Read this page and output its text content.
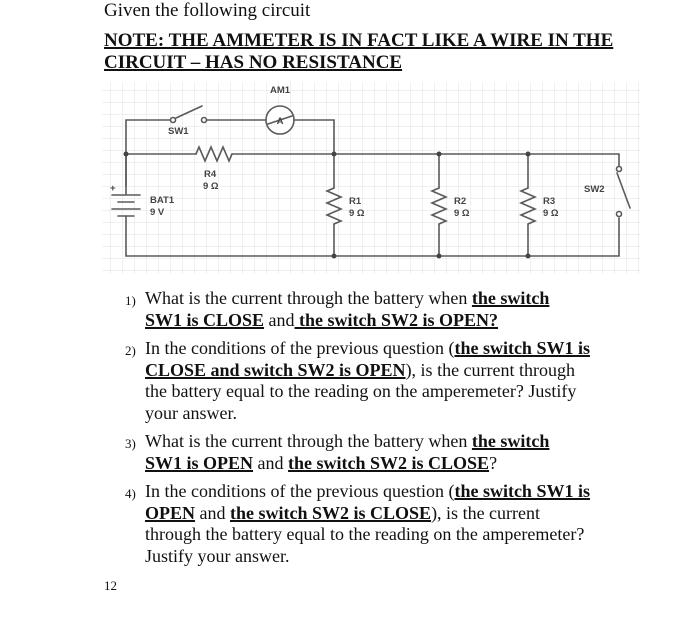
Given the following circuit
NOTE: THE AMMETER IS IN FACT LIKE A WIRE IN THE CIRCUIT – HAS NO RESISTANCE
A
AM1
SW1
SW2
R4
9 Ω
+
BAT1
9 V
R1
9 Ω
R2
9 Ω
R3
9 Ω
1) What is the current through the battery when the switch SW1 is CLOSE and the switch SW2 is OPEN?
2) In the conditions of the previous question (the switch SW1 is CLOSE and switch SW2 is OPEN), is the current through the battery equal to the reading on the amperemeter? Justify your answer.
3) What is the current through the battery when the switch SW1 is OPEN and the switch SW2 is CLOSE?
4) In the conditions of the previous question (the switch SW1 is OPEN and the switch SW2 is CLOSE), is the current through the battery equal to the reading on the amperemeter? Justify your answer.
12
